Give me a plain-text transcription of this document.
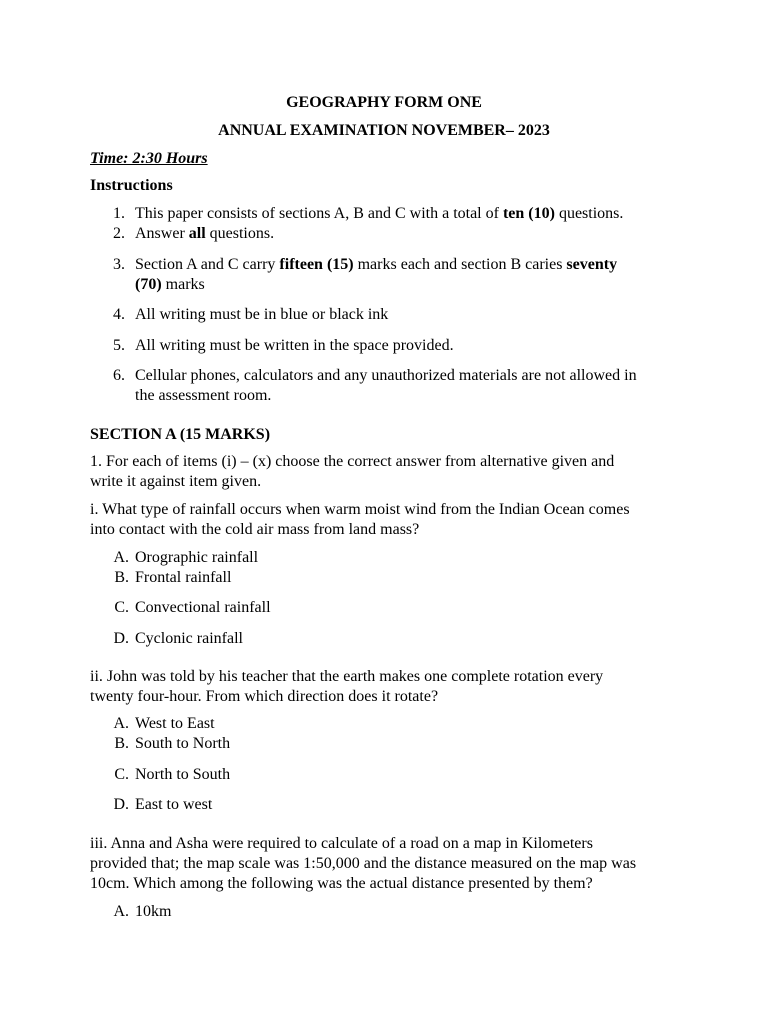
GEOGRAPHY FORM ONE
ANNUAL EXAMINATION NOVEMBER– 2023
Time: 2:30 Hours
Instructions
1. This paper consists of sections A, B and C with a total of ten (10) questions.
2. Answer all questions.
3. Section A and C carry fifteen (15) marks each and section B caries seventy
(70) marks
4. All writing must be in blue or black ink
5. All writing must be written in the space provided.
6. Cellular phones, calculators and any unauthorized materials are not allowed in
the assessment room.
SECTION A (15 MARKS)
1. For each of items (i) – (x) choose the correct answer from alternative given and
write it against item given.
i. What type of rainfall occurs when warm moist wind from the Indian Ocean comes
into contact with the cold air mass from land mass?
A. Orographic rainfall
B. Frontal rainfall
C. Convectional rainfall
D. Cyclonic rainfall
ii. John was told by his teacher that the earth makes one complete rotation every
twenty four-hour. From which direction does it rotate?
A. West to East
B. South to North
C. North to South
D. East to west
iii. Anna and Asha were required to calculate of a road on a map in Kilometers
provided that; the map scale was 1:50,000 and the distance measured on the map was
10cm. Which among the following was the actual distance presented by them?
A. 10km
